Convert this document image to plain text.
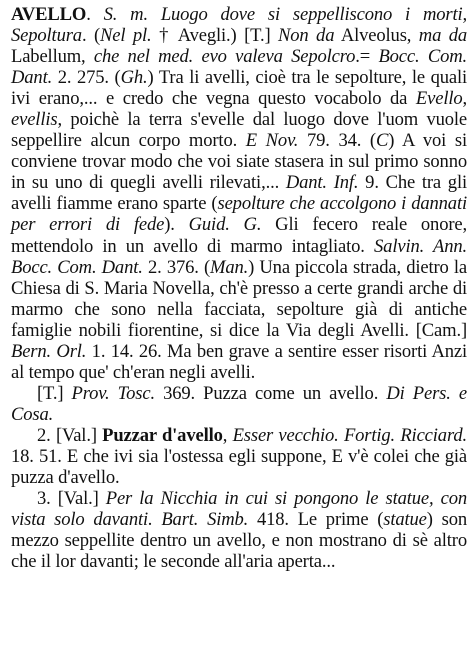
AVELLO. S. m. Luogo dove si seppelliscono i morti, Sepoltura. (Nel pl. † Avegli.) [T.] Non da Alveolus, ma da Labellum, che nel med. evo valeva Sepolcro.= Bocc. Com. Dant. 2. 275. (Gh.) Tra li avelli, cioè tra le sepolture, le quali ivi erano,... e credo che vegna questo vocabolo da Evello, evellis, poichè la terra s'evelle dal luogo dove l'uom vuole seppellire alcun corpo morto. E Nov. 79. 34. (C) A voi si conviene trovar modo che voi siate stasera in sul primo sonno in su uno di quegli avelli rilevati,... Dant. Inf. 9. Che tra gli avelli fiamme erano sparte (sepolture che accolgono i dannati per errori di fede). Guid. G. Gli fecero reale onore, mettendolo in un avello di marmo intagliato. Salvin. Ann. Bocc. Com. Dant. 2. 376. (Man.) Una piccola strada, dietro la Chiesa di S. Maria Novella, ch'è presso a certe grandi arche di marmo che sono nella facciata, sepolture già di antiche famiglie nobili fiorentine, si dice la Via degli Avelli. [Cam.] Bern. Orl. 1. 14. 26. Ma ben grave a sentire esser risorti Anzi al tempo que' ch'eran negli avelli.

[T.] Prov. Tosc. 369. Puzza come un avello. Di Pers. e Cosa.

2. [Val.] Puzzar d'avello, Esser vecchio. Fortig. Ricciard. 18. 51. E che ivi sia l'ostessa egli suppone, E v'è colei che già puzza d'avello.

3. [Val.] Per la Nicchia in cui si pongono le statue, con vista solo davanti. Bart. Simb. 418. Le prime (statue) son mezzo seppellite dentro un avello, e non mostrano di sè altro che il lor davanti; le seconde all'aria aperta...
